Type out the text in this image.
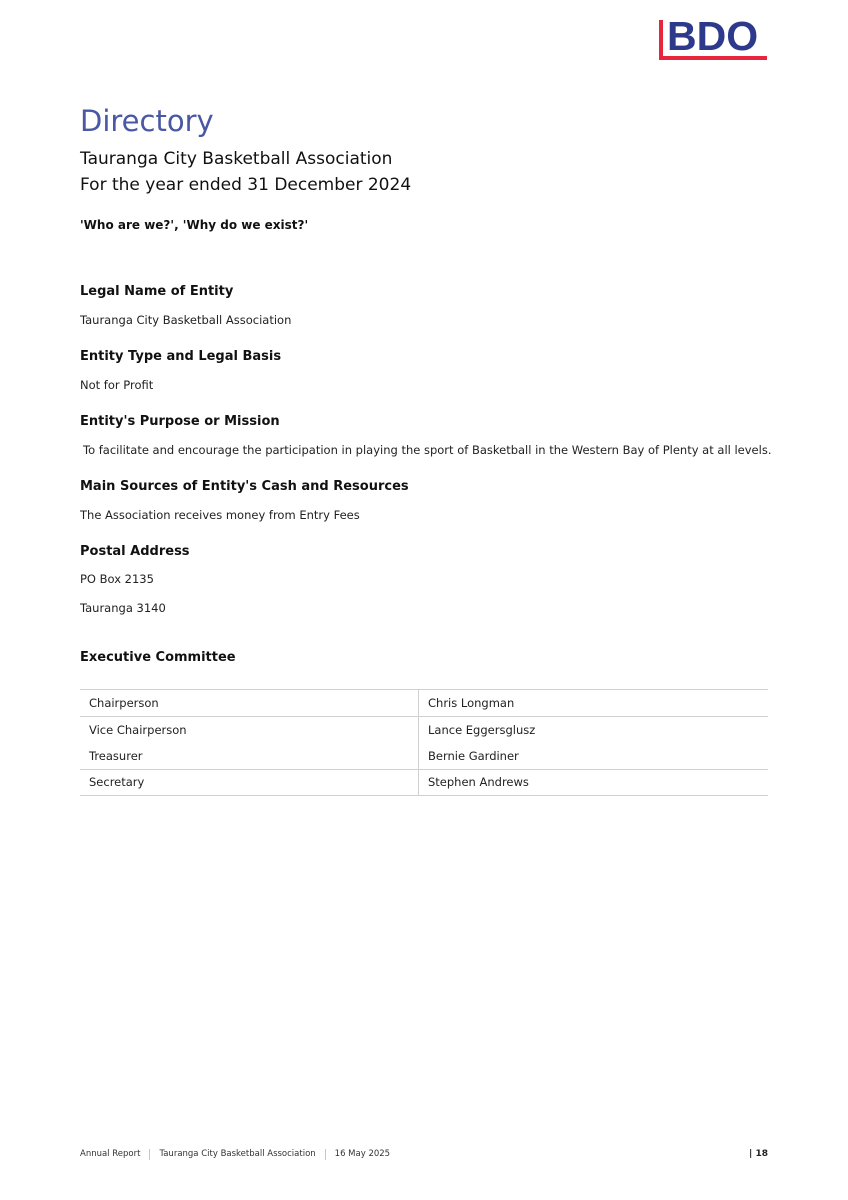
BDO
Directory
Tauranga City Basketball Association
For the year ended 31 December 2024
'Who are we?', 'Why do we exist?'
Legal Name of Entity
Tauranga City Basketball Association
Entity Type and Legal Basis
Not for Profit
Entity's Purpose or Mission
To facilitate and encourage the participation in playing the sport of Basketball in the Western Bay of Plenty at all levels.
Main Sources of Entity's Cash and Resources
The Association receives money from Entry Fees
Postal Address
PO Box 2135
Tauranga 3140
Executive Committee
Chairperson	Chris Longman
Vice Chairperson	Lance Eggersglusz
Treasurer	Bernie Gardiner
Secretary	Stephen Andrews
Annual Report Tauranga City Basketball Association 16 May 2025	| 18
